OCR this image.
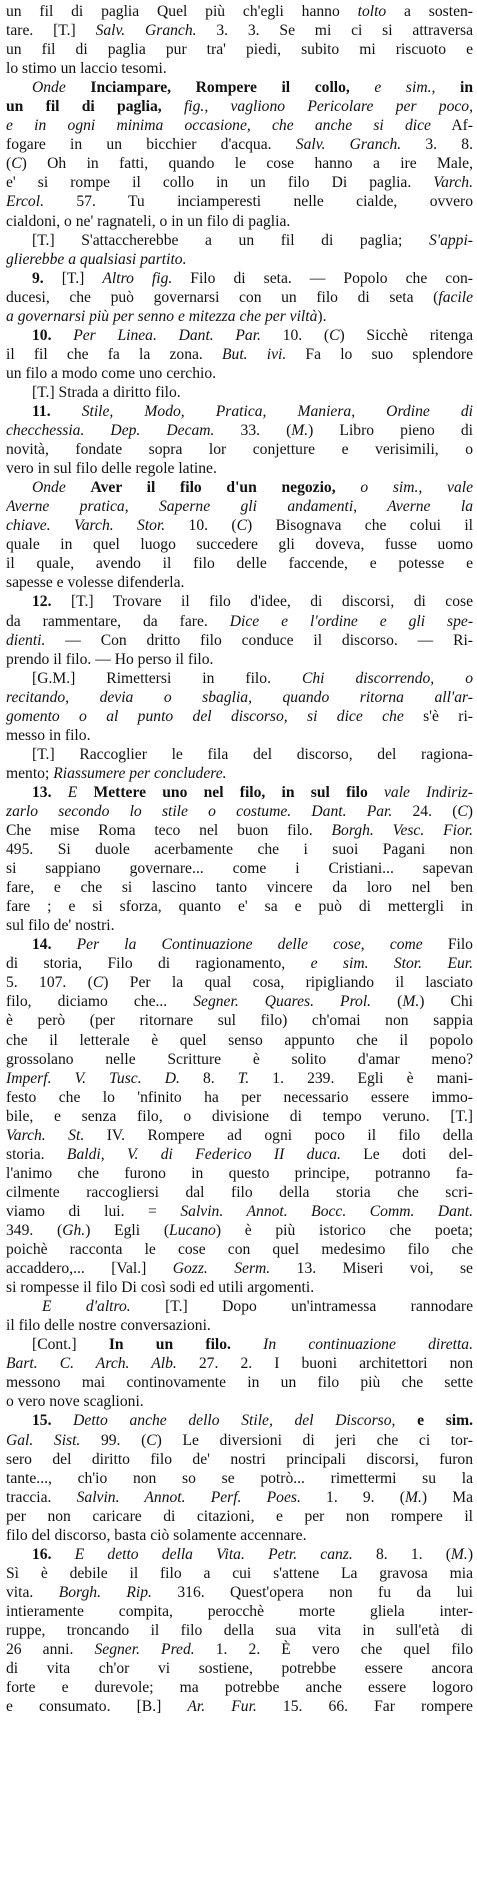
un fil di paglia Quel più ch'egli hanno tolto a sosten-
tare. [T.] Salv. Granch. 3. 3. Se mi ci si attraversa
un fil di paglia pur tra' piedi, subito mi riscuoto e
lo stimo un laccio tesomi.
Onde Inciampare, Rompere il collo, e sim., in
un fil di paglia, fig., vagliono Pericolare per poco,
e in ogni minima occasione, che anche si dice Af-
fogare in un bicchier d'acqua. Salv. Granch. 3. 8.
(C) Oh in fatti, quando le cose hanno a ire Male,
e' si rompe il collo in un filo Di paglia. Varch.
Ercol. 57. Tu inciamperesti nelle cialde, ovvero
cialdoni, o ne' ragnateli, o in un filo di paglia.
[T.] S'attaccherebbe a un fil di paglia; S'appi-
glierebbe a qualsiasi partito.
9. [T.] Altro fig. Filo di seta. — Popolo che con-
ducesi, che può governarsi con un filo di seta (facile
a governarsi più per senno e mitezza che per viltà).
10. Per Linea. Dant. Par. 10. (C) Sicchè ritenga
il fil che fa la zona. But. ivi. Fa lo suo splendore
un filo a modo come uno cerchio.
[T.] Strada a diritto filo.
11. Stile, Modo, Pratica, Maniera, Ordine di
checchessia. Dep. Decam. 33. (M.) Libro pieno di
novità, fondate sopra lor conjetture e verisimili, o
vero in sul filo delle regole latine.
Onde Aver il filo d'un negozio, o sim., vale
Averne pratica, Saperne gli andamenti, Averne la
chiave. Varch. Stor. 10. (C) Bisognava che colui il
quale in quel luogo succedere gli doveva, fusse uomo
il quale, avendo il filo delle faccende, e potesse e
sapesse e volesse difenderla.
12. [T.] Trovare il filo d'idee, di discorsi, di cose
da rammentare, da fare. Dice e l'ordine e gli spe-
dienti. — Con dritto filo conduce il discorso. — Ri-
prendo il filo. — Ho perso il filo.
[G.M.] Rimettersi in filo. Chi discorrendo, o
recitando, devia o sbaglia, quando ritorna all'ar-
gomento o al punto del discorso, si dice che s'è ri-
messo in filo.
[T.] Raccoglier le fila del discorso, del ragiona-
mento; Riassumere per concludere.
13. E Mettere uno nel filo, in sul filo vale Indiriz-
zarlo secondo lo stile o costume. Dant. Par. 24. (C)
Che mise Roma teco nel buon filo. Borgh. Vesc. Fior.
495. Si duole acerbamente che i suoi Pagani non
si sappiano governare... come i Cristiani... sapevan
fare, e che si lascino tanto vincere da loro nel ben
fare ; e si sforza, quanto e' sa e può di mettergli in
sul filo de' nostri.
14. Per la Continuazione delle cose, come Filo
di storia, Filo di ragionamento, e sim. Stor. Eur.
5. 107. (C) Per la qual cosa, ripigliando il lasciato
filo, diciamo che... Segner. Quares. Prol. (M.) Chi
è però (per ritornare sul filo) ch'omai non sappia
che il letterale è quel senso appunto che il popolo
grossolano nelle Scritture è solito d'amar meno?
Imperf. V. Tusc. D. 8. T. 1. 239. Egli è mani-
festo che lo 'nfinito ha per necessario essere immo-
bile, e senza filo, o divisione di tempo veruno. [T.]
Varch. St. IV. Rompere ad ogni poco il filo della
storia. Baldi, V. di Federico II duca. Le doti del-
l'animo che furono in questo principe, potranno fa-
cilmente raccogliersi dal filo della storia che scri-
viamo di lui. = Salvin. Annot. Bocc. Comm. Dant.
349. (Gh.) Egli (Lucano) è più istorico che poeta;
poichè racconta le cose con quel medesimo filo che
accaddero,... [Val.] Gozz. Serm. 13. Miseri voi, se
si rompesse il filo Di così sodi ed utili argomenti.
E d'altro. [T.] Dopo un'intramessa rannodare
il filo delle nostre conversazioni.
[Cont.] In un filo. In continuazione diretta.
Bart. C. Arch. Alb. 27. 2. I buoni architettori non
messono mai continovamente in un filo più che sette
o vero nove scaglioni.
15. Detto anche dello Stile, del Discorso, e sim.
Gal. Sist. 99. (C) Le diversioni di jeri che ci tor-
sero del diritto filo de' nostri principali discorsi, furon
tante..., ch'io non so se potrò... rimettermi su la
traccia. Salvin. Annot. Perf. Poes. 1. 9. (M.) Ma
per non caricare di citazioni, e per non rompere il
filo del discorso, basta ciò solamente accennare.
16. E detto della Vita. Petr. canz. 8. 1. (M.)
Sì è debile il filo a cui s'attene La gravosa mia
vita. Borgh. Rip. 316. Quest'opera non fu da lui
intieramente compita, perocchè morte gliela inter-
ruppe, troncando il filo della sua vita in sull'età di
26 anni. Segner. Pred. 1. 2. È vero che quel filo
di vita ch'or vi sostiene, potrebbe essere ancora
forte e durevole; ma potrebbe anche essere logoro
e consumato. [B.] Ar. Fur. 15. 66. Far rompere
